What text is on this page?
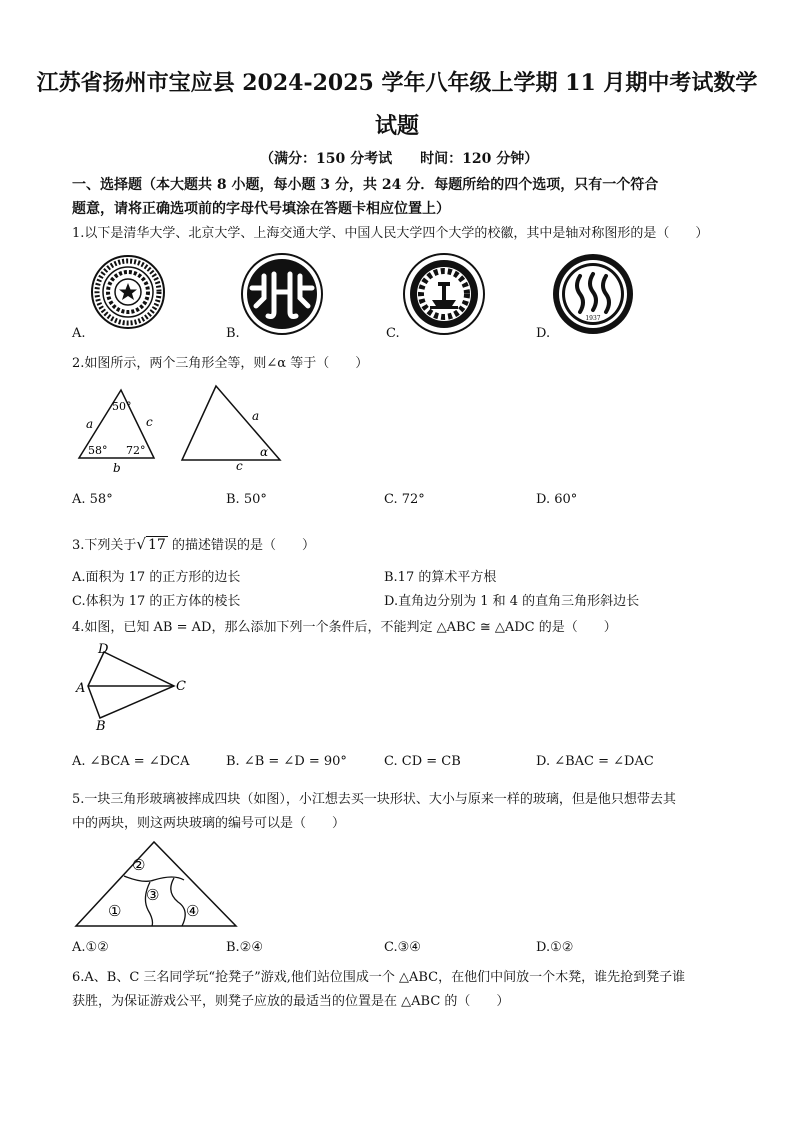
江苏省扬州市宝应县 2024-2025 学年八年级上学期 11 月期中考试数学
试题
（满分：150 分考试　　时间：120 分钟）
一、选择题（本大题共 8 小题，每小题 3 分，共 24 分．每题所给的四个选项，只有一个符合
题意，请将正确选项前的字母代号填涂在答题卡相应位置上）
1.以下是清华大学、北京大学、上海交通大学、中国人民大学四个大学的校徽，其中是轴对称图形的是（　　）
A.	B.	C.
1937
D.
2.如图所示，两个三角形全等，则∠α 等于（　　）
a	c
b
50°
58° 72°
a
c
α
A. 58°	B. 50°	C. 72°	D. 60°
3.下列关于√ 17 的描述错误的是（　　）
A.面积为 17 的正方形的边长	B.17 的算术平方根
C.体积为 17 的正方体的棱长	D.直角边分别为 1 和 4 的直角三角形斜边长
4.如图，已知 AB = AD，那么添加下列一个条件后，不能判定 △ABC ≅ △ADC 的是（　　）
D
A
B
C
A. ∠BCA = ∠DCA	B. ∠B = ∠D = 90°	C. CD = CB	D. ∠BAC = ∠DAC
5.一块三角形玻璃被摔成四块（如图），小江想去买一块形状、大小与原来一样的玻璃，但是他只想带去其
中的两块，则这两块玻璃的编号可以是（　　）
①
②
③
④
A.①②	B.②④	C.③④	D.①②
6.A、B、C 三名同学玩“抢凳子”游戏,他们站位围成一个 △ABC，在他们中间放一个木凳，谁先抢到凳子谁
获胜，为保证游戏公平，则凳子应放的最适当的位置是在 △ABC 的（　　）
